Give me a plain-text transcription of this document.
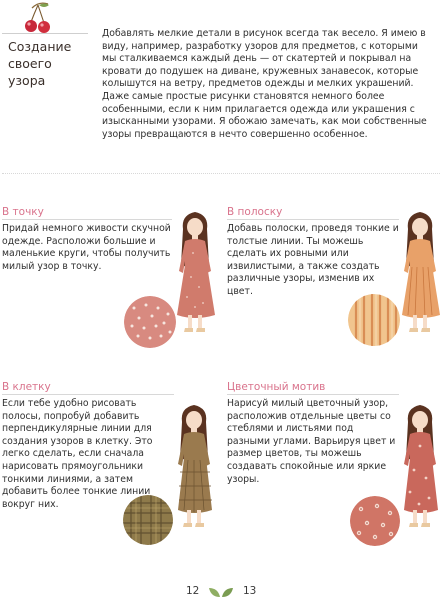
Создание своего узора
Добавлять мелкие детали в рисунок всегда так весело. Я имею в виду, например, разработку узоров для предметов, с которыми мы сталкиваемся каждый день — от скатертей и покрывал на кровати до подушек на диване, кружевных занавесок, которые колышутся на ветру, предметов одежды и мелких украшений. Даже самые простые рисунки становятся немного более особенными, если к ним прилагается одежда или украшения с изысканными узорами. Я обожаю замечать, как мои собственные узоры превращаются в нечто совершенно особенное.
В точку
Придай немного живости скучной одежде. Расположи большие и маленькие круги, чтобы получить милый узор в точку.
В полоску
Добавь полоски, проведя тонкие и толстые линии. Ты можешь сделать их ровными или извилистыми, а также создать различные узоры, изменив их цвет.
В клетку
Если тебе удобно рисовать полосы, попробуй добавить перпендикулярные линии для создания узоров в клетку. Это легко сделать, если сначала нарисовать прямоугольники тонкими линиями, а затем добавить более тонкие линии вокруг них.
Цветочный мотив
Нарисуй милый цветочный узор, расположив отдельные цветы со стеблями и листьями под разными углами. Варьируя цвет и размер цветов, ты можешь создавать спокойные или яркие узоры.
12	13
